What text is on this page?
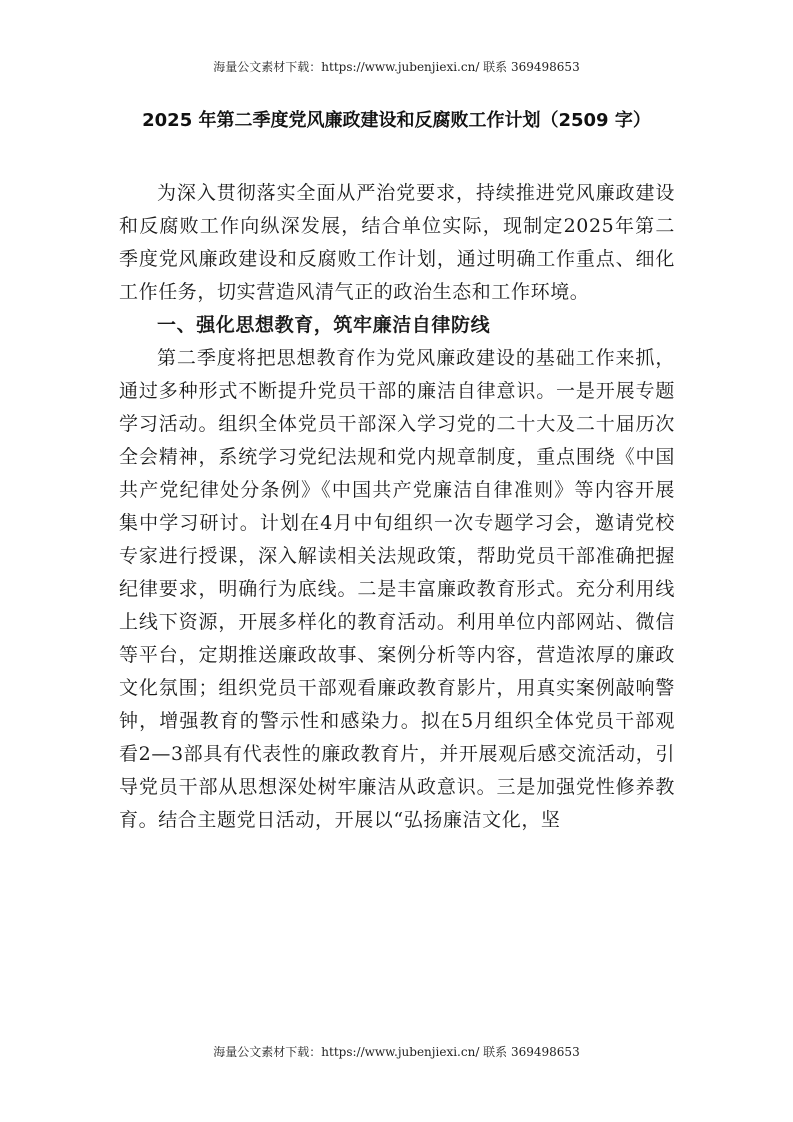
海量公文素材下载：https://www.jubenjiexi.cn/ 联系 369498653
2025 年第二季度党风廉政建设和反腐败工作计划（2509 字）

为深入贯彻落实全面从严治党要求，持续推进党风廉政建设和反腐败工作向纵深发展，结合单位实际，现制定2025年第二季度党风廉政建设和反腐败工作计划，通过明确工作重点、细化工作任务，切实营造风清气正的政治生态和工作环境。

一、强化思想教育，筑牢廉洁自律防线

第二季度将把思想教育作为党风廉政建设的基础工作来抓，通过多种形式不断提升党员干部的廉洁自律意识。一是开展专题学习活动。组织全体党员干部深入学习党的二十大及二十届历次全会精神，系统学习党纪法规和党内规章制度，重点围绕《中国共产党纪律处分条例》《中国共产党廉洁自律准则》等内容开展集中学习研讨。计划在4月中旬组织一次专题学习会，邀请党校专家进行授课，深入解读相关法规政策，帮助党员干部准确把握纪律要求，明确行为底线。二是丰富廉政教育形式。充分利用线上线下资源，开展多样化的教育活动。利用单位内部网站、微信等平台，定期推送廉政故事、案例分析等内容，营造浓厚的廉政文化氛围；组织党员干部观看廉政教育影片，用真实案例敲响警钟，增强教育的警示性和感染力。拟在5月组织全体党员干部观看2—3部具有代表性的廉政教育片，并开展观后感交流活动，引导党员干部从思想深处树牢廉洁从政意识。三是加强党性修养教育。结合主题党日活动，开展以“弘扬廉洁文化，坚

海量公文素材下载：https://www.jubenjiexi.cn/ 联系 369498653
